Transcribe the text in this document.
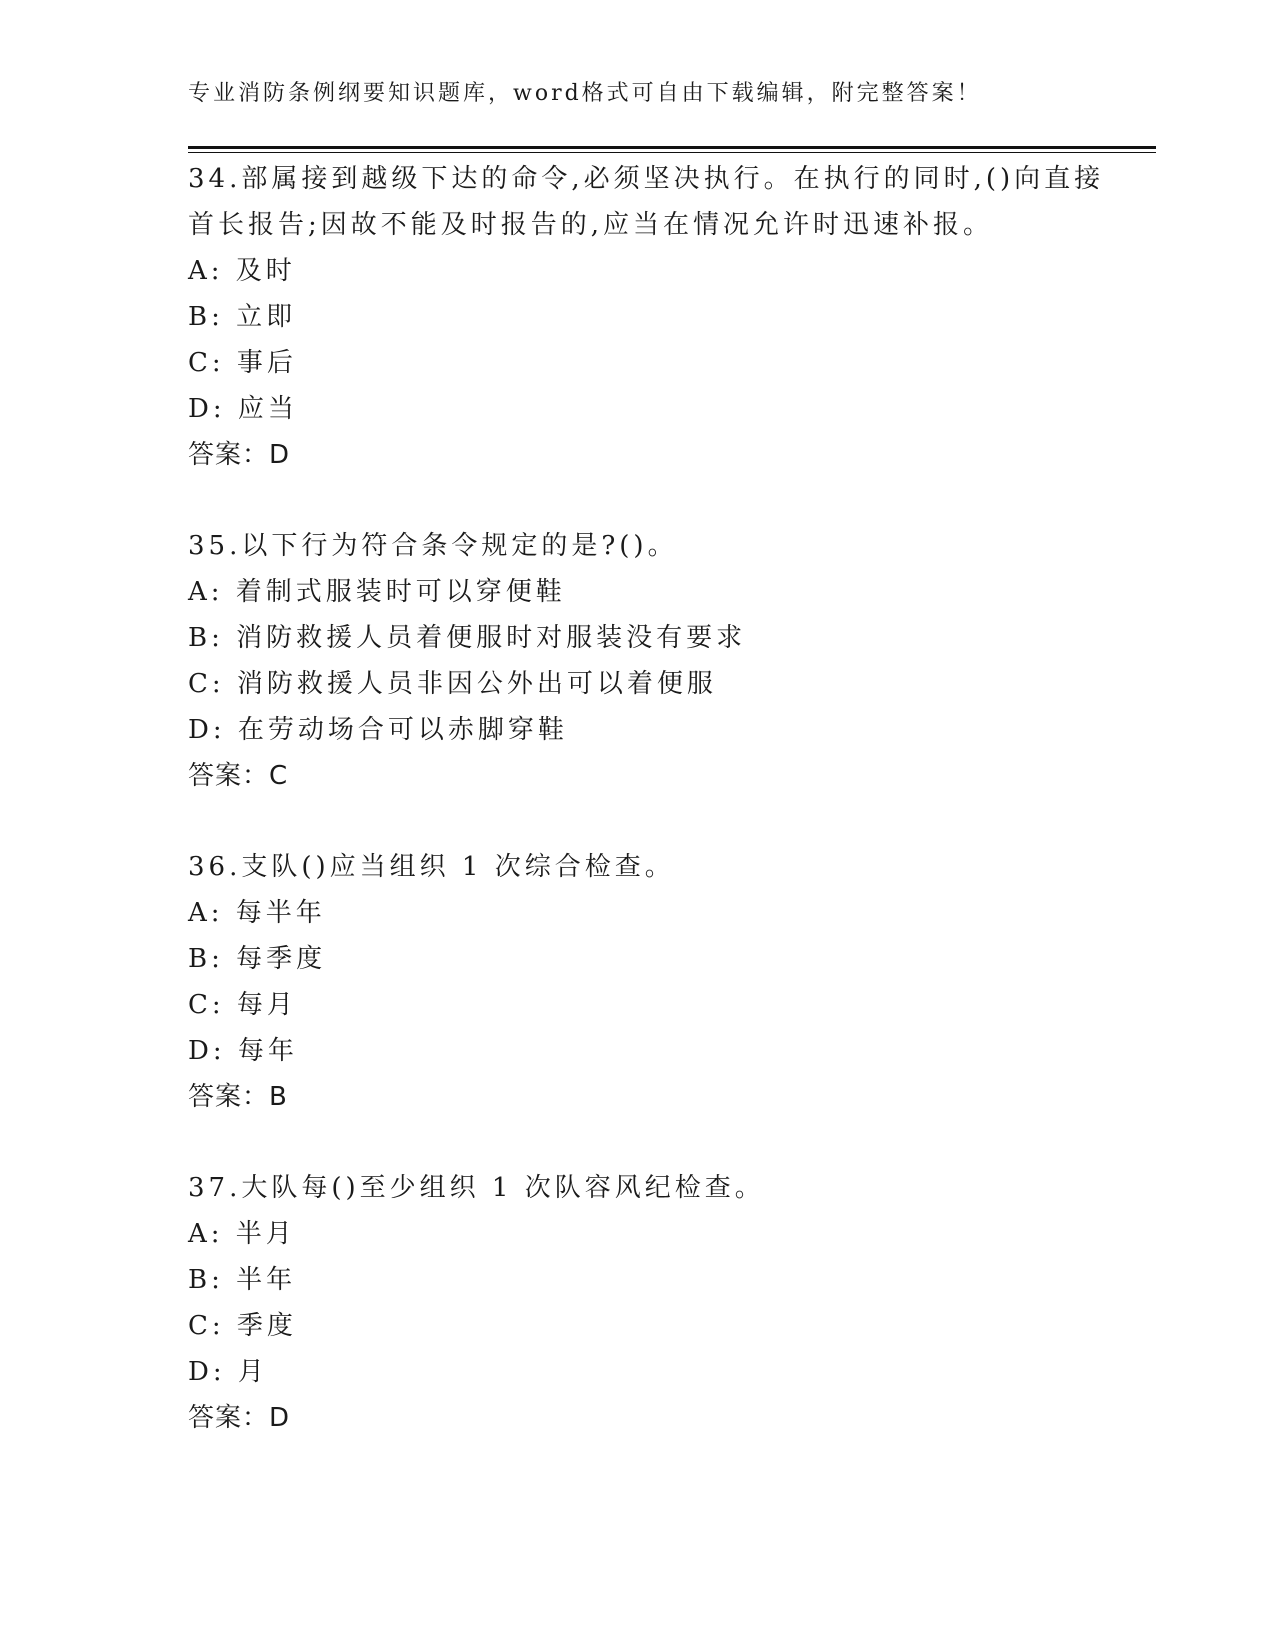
专业消防条例纲要知识题库，word格式可自由下载编辑，附完整答案！
34.部属接到越级下达的命令,必须坚决执行。在执行的同时,()向直接
首长报告;因故不能及时报告的,应当在情况允许时迅速补报。
A: 及时
B: 立即
C: 事后
D: 应当
答案：D
35.以下行为符合条令规定的是?()。
A: 着制式服装时可以穿便鞋
B: 消防救援人员着便服时对服装没有要求
C: 消防救援人员非因公外出可以着便服
D: 在劳动场合可以赤脚穿鞋
答案：C
36.支队()应当组织 1 次综合检查。
A: 每半年
B: 每季度
C: 每月
D: 每年
答案：B
37.大队每()至少组织 1 次队容风纪检查。
A: 半月
B: 半年
C: 季度
D: 月
答案：D
